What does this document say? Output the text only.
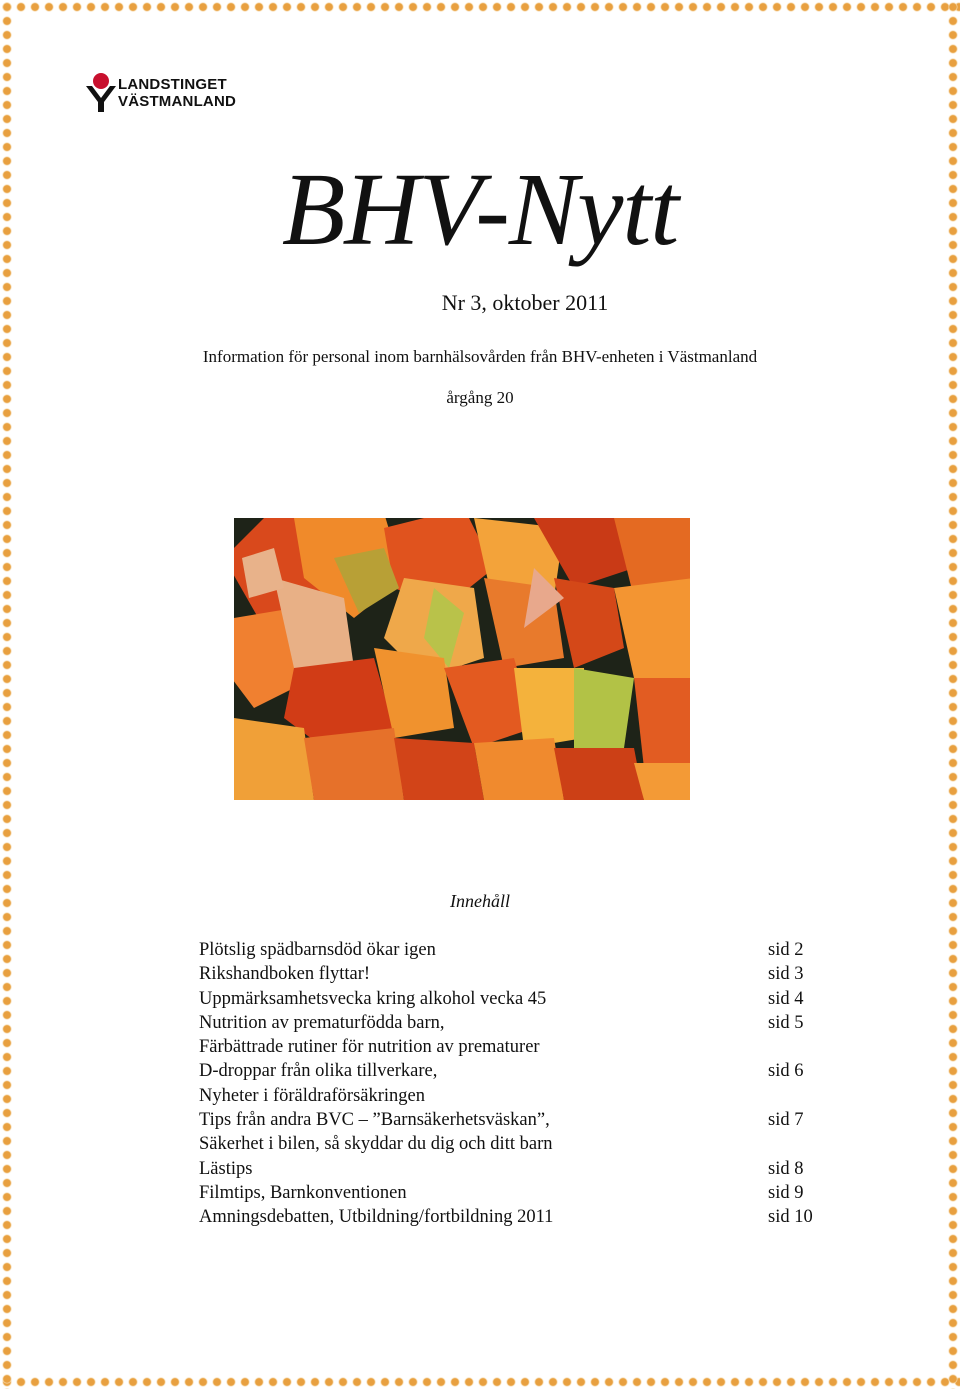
LANDSTINGET
VÄSTMANLAND
BHV-Nytt
Nr 3, oktober 2011
Information för personal inom barnhälsovården från BHV-enheten i Västmanland
årgång 20
Innehåll
Plötslig spädbarnsdöd ökar igen	sid 2
Rikshandboken flyttar!	sid 3
Uppmärksamhetsvecka kring alkohol vecka 45	sid 4
Nutrition av prematurfödda barn,	sid 5
Färbättrade rutiner för nutrition av prematurer
D-droppar från olika tillverkare,	sid 6
Nyheter i föräldraförsäkringen
Tips från andra BVC – ”Barnsäkerhetsväskan”,	sid 7
Säkerhet i bilen, så skyddar du dig och ditt barn
Lästips	sid 8
Filmtips, Barnkonventionen	sid 9
Amningsdebatten, Utbildning/fortbildning 2011	sid 10
